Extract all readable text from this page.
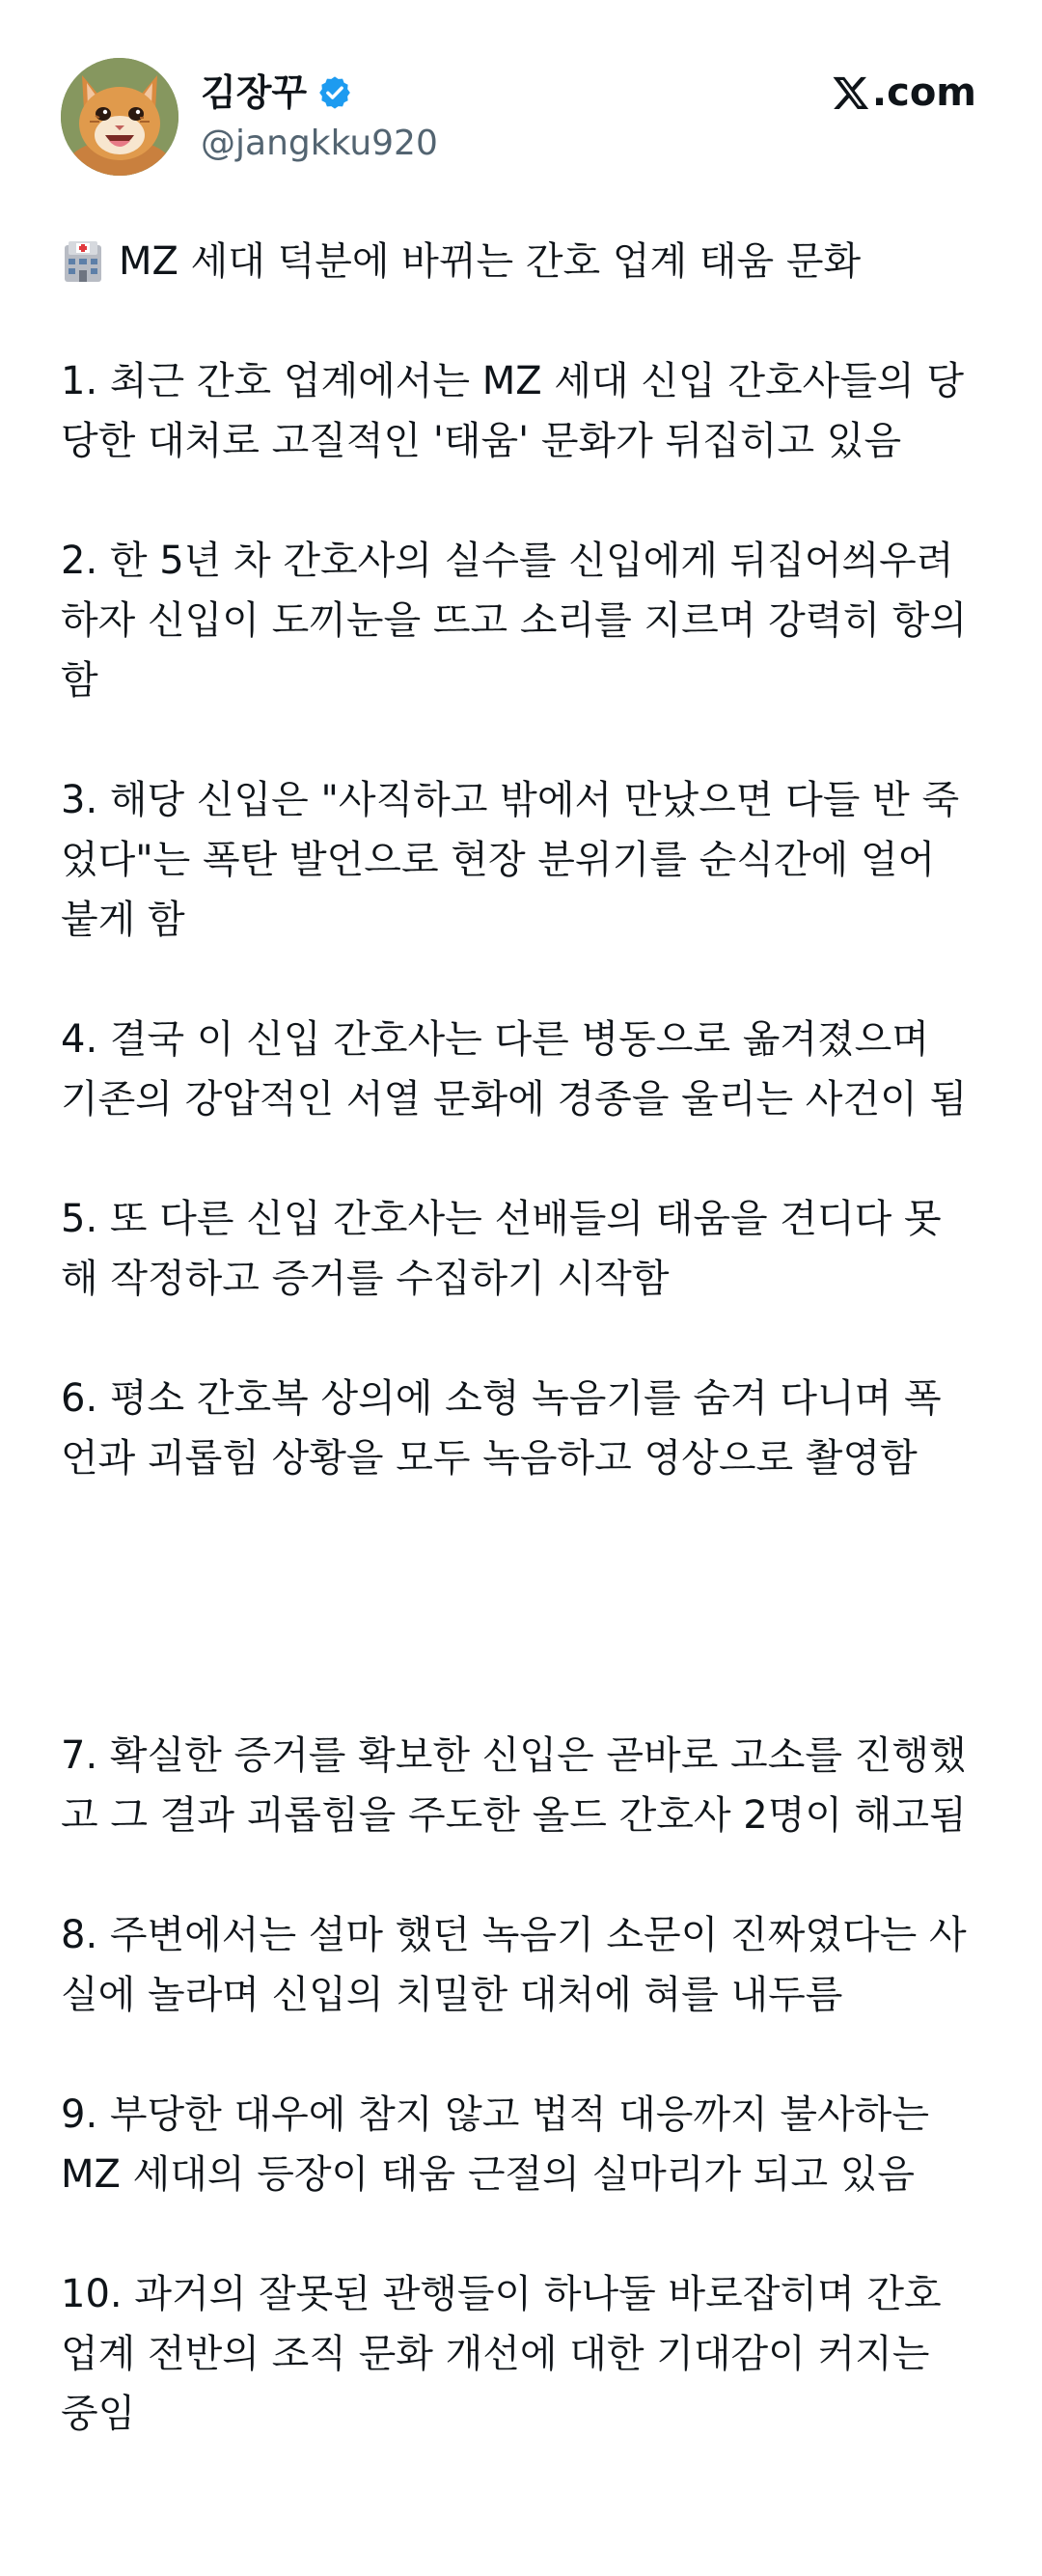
김장꾸
@jangkku920
.com
MZ 세대 덕분에 바뀌는 간호 업계 태움 문화
1. 최근 간호 업계에서는 MZ 세대 신입 간호사들의 당
당한 대처로 고질적인 '태움' 문화가 뒤집히고 있음
2. 한 5년 차 간호사의 실수를 신입에게 뒤집어씌우려
하자 신입이 도끼눈을 뜨고 소리를 지르며 강력히 항의
함
3. 해당 신입은 "사직하고 밖에서 만났으면 다들 반 죽
었다"는 폭탄 발언으로 현장 분위기를 순식간에 얼어
붙게 함
4. 결국 이 신입 간호사는 다른 병동으로 옮겨졌으며
기존의 강압적인 서열 문화에 경종을 울리는 사건이 됨
5. 또 다른 신입 간호사는 선배들의 태움을 견디다 못
해 작정하고 증거를 수집하기 시작함
6. 평소 간호복 상의에 소형 녹음기를 숨겨 다니며 폭
언과 괴롭힘 상황을 모두 녹음하고 영상으로 촬영함
7. 확실한 증거를 확보한 신입은 곧바로 고소를 진행했
고 그 결과 괴롭힘을 주도한 올드 간호사 2명이 해고됨
8. 주변에서는 설마 했던 녹음기 소문이 진짜였다는 사
실에 놀라며 신입의 치밀한 대처에 혀를 내두름
9. 부당한 대우에 참지 않고 법적 대응까지 불사하는
MZ 세대의 등장이 태움 근절의 실마리가 되고 있음
10. 과거의 잘못된 관행들이 하나둘 바로잡히며 간호
업계 전반의 조직 문화 개선에 대한 기대감이 커지는
중임
